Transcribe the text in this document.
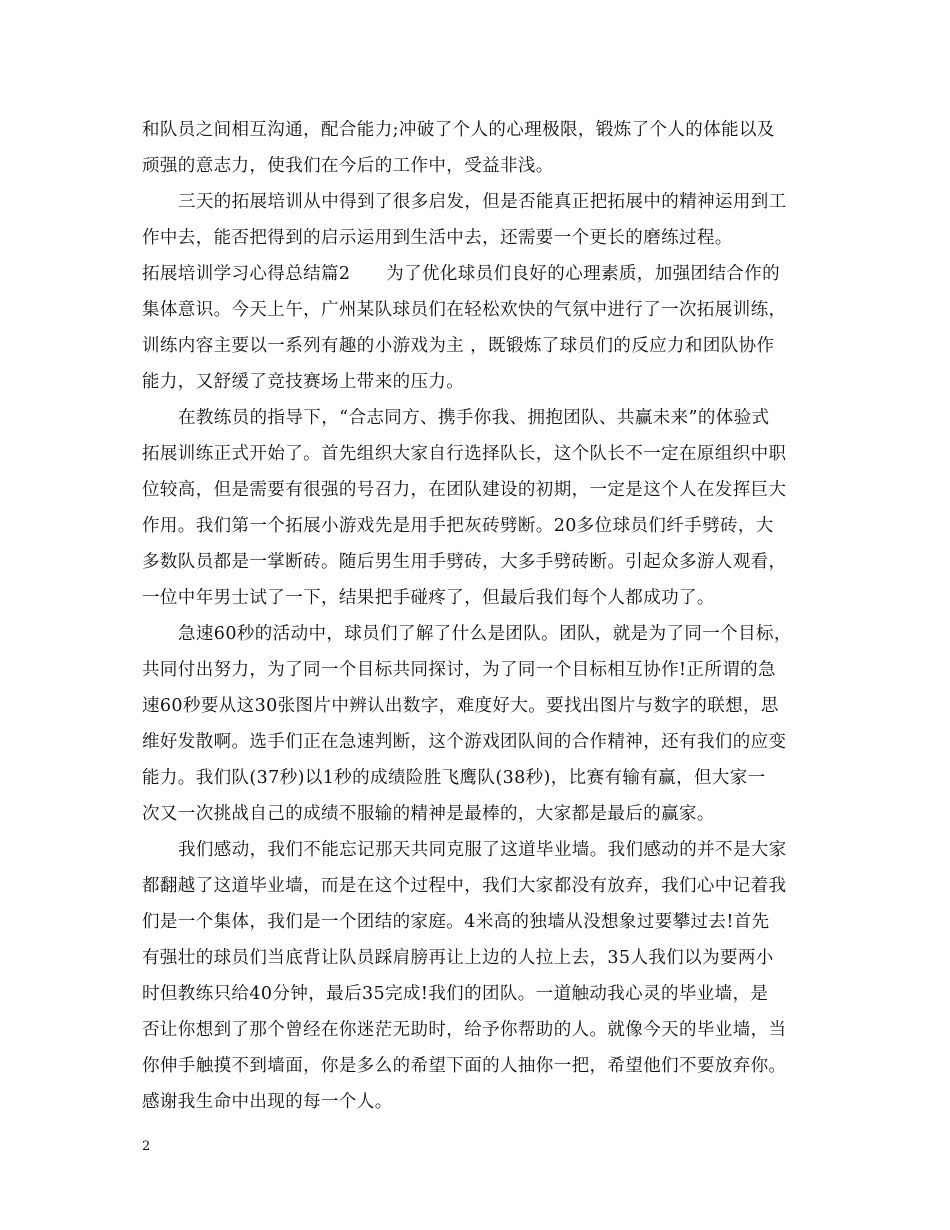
和队员之间相互沟通，配合能力;冲破了个人的心理极限，锻炼了个人的体能以及
顽强的意志力，使我们在今后的工作中，受益非浅。
三天的拓展培训从中得到了很多启发，但是否能真正把拓展中的精神运用到工
作中去，能否把得到的启示运用到生活中去，还需要一个更长的磨练过程。
拓展培训学习心得总结篇2      为了优化球员们良好的心理素质，加强团结合作的
集体意识。今天上午，广州某队球员们在轻松欢快的气氛中进行了一次拓展训练，
训练内容主要以一系列有趣的小游戏为主 ，既锻炼了球员们的反应力和团队协作
能力，又舒缓了竞技赛场上带来的压力。
在教练员的指导下，“合志同方、携手你我、拥抱团队、共赢未来”的体验式
拓展训练正式开始了。首先组织大家自行选择队长，这个队长不一定在原组织中职
位较高，但是需要有很强的号召力，在团队建设的初期，一定是这个人在发挥巨大
作用。我们第一个拓展小游戏先是用手把灰砖劈断。20多位球员们纤手劈砖，大
多数队员都是一掌断砖。随后男生用手劈砖，大多手劈砖断。引起众多游人观看，
一位中年男士试了一下，结果把手碰疼了，但最后我们每个人都成功了。
急速60秒的活动中，球员们了解了什么是团队。团队，就是为了同一个目标，
共同付出努力，为了同一个目标共同探讨，为了同一个目标相互协作!正所谓的急
速60秒要从这30张图片中辨认出数字，难度好大。要找出图片与数字的联想，思
维好发散啊。选手们正在急速判断，这个游戏团队间的合作精神，还有我们的应变
能力。我们队(37秒)以1秒的成绩险胜飞鹰队(38秒)，比赛有输有赢，但大家一
次又一次挑战自己的成绩不服输的精神是最棒的，大家都是最后的赢家。
我们感动，我们不能忘记那天共同克服了这道毕业墙。我们感动的并不是大家
都翻越了这道毕业墙，而是在这个过程中，我们大家都没有放弃，我们心中记着我
们是一个集体，我们是一个团结的家庭。4米高的独墙从没想象过要攀过去!首先
有强壮的球员们当底背让队员踩肩膀再让上边的人拉上去，35人我们以为要两小
时但教练只给40分钟，最后35完成!我们的团队。一道触动我心灵的毕业墙，是
否让你想到了那个曾经在你迷茫无助时，给予你帮助的人。就像今天的毕业墙，当
你伸手触摸不到墙面，你是多么的希望下面的人抽你一把，希望他们不要放弃你。
感谢我生命中出现的每一个人。
2
